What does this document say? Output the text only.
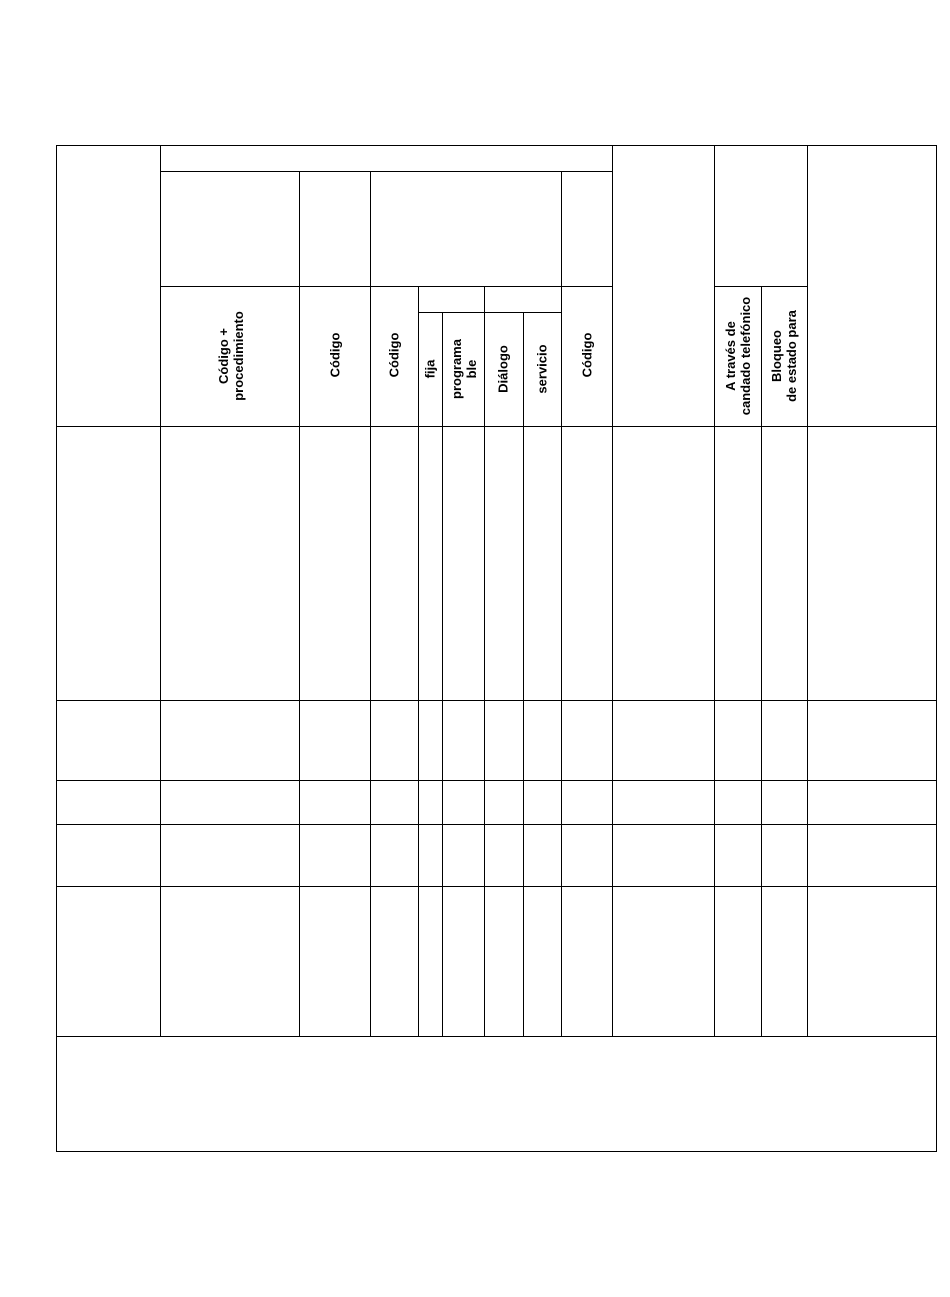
Código +
procedimiento	Código	Código fija programa
ble Diálogo servicio Código
A través de
candado telefónico Bloqueo
de estado para
